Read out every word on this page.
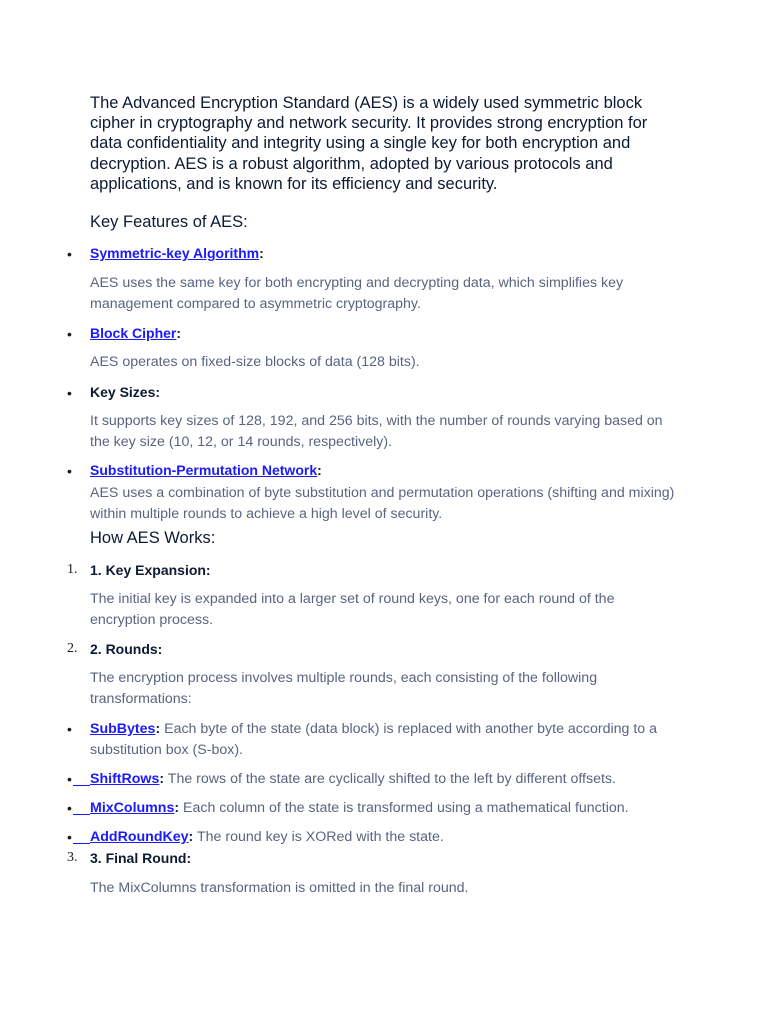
The Advanced Encryption Standard (AES) is a widely used symmetric block cipher in cryptography and network security. It provides strong encryption for data confidentiality and integrity using a single key for both encryption and decryption. AES is a robust algorithm, adopted by various protocols and applications, and is known for its efficiency and security.
Key Features of AES:
• Symmetric-key Algorithm:
AES uses the same key for both encrypting and decrypting data, which simplifies key management compared to asymmetric cryptography.
• Block Cipher:
AES operates on fixed-size blocks of data (128 bits).
• Key Sizes:
It supports key sizes of 128, 192, and 256 bits, with the number of rounds varying based on the key size (10, 12, or 14 rounds, respectively).
• Substitution-Permutation Network:
AES uses a combination of byte substitution and permutation operations (shifting and mixing) within multiple rounds to achieve a high level of security.
How AES Works:
1. 1. Key Expansion:
The initial key is expanded into a larger set of round keys, one for each round of the encryption process.
2. 2. Rounds:
The encryption process involves multiple rounds, each consisting of the following transformations:
• SubBytes: Each byte of the state (data block) is replaced with another byte according to a substitution box (S-box).
• ShiftRows: The rows of the state are cyclically shifted to the left by different offsets.
• MixColumns: Each column of the state is transformed using a mathematical function.
• AddRoundKey: The round key is XORed with the state.
3. 3. Final Round:
The MixColumns transformation is omitted in the final round.
